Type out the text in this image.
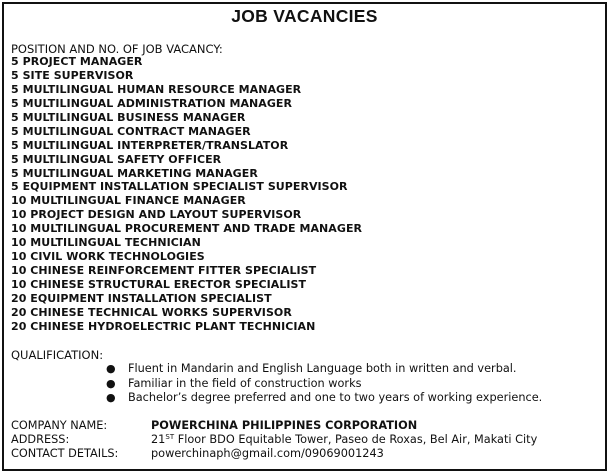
JOB VACANCIES
POSITION AND NO. OF JOB VACANCY:
5 PROJECT MANAGER
5 SITE SUPERVISOR
5 MULTILINGUAL HUMAN RESOURCE MANAGER
5 MULTILINGUAL ADMINISTRATION MANAGER
5 MULTILINGUAL BUSINESS MANAGER
5 MULTILINGUAL CONTRACT MANAGER
5 MULTILINGUAL INTERPRETER/TRANSLATOR
5 MULTILINGUAL SAFETY OFFICER
5 MULTILINGUAL MARKETING MANAGER
5 EQUIPMENT INSTALLATION SPECIALIST SUPERVISOR
10 MULTILINGUAL FINANCE MANAGER
10 PROJECT DESIGN AND LAYOUT SUPERVISOR
10 MULTILINGUAL PROCUREMENT AND TRADE MANAGER
10 MULTILINGUAL TECHNICIAN
10 CIVIL WORK TECHNOLOGIES
10 CHINESE REINFORCEMENT FITTER SPECIALIST
10 CHINESE STRUCTURAL ERECTOR SPECIALIST
20 EQUIPMENT INSTALLATION SPECIALIST
20 CHINESE TECHNICAL WORKS SUPERVISOR
20 CHINESE HYDROELECTRIC PLANT TECHNICIAN
QUALIFICATION:
● Fluent in Mandarin and English Language both in written and verbal.
● Familiar in the field of construction works
● Bachelor’s degree preferred and one to two years of working experience.
COMPANY NAME:	POWERCHINA PHILIPPINES CORPORATION
ADDRESS:	21ST Floor BDO Equitable Tower, Paseo de Roxas, Bel Air, Makati City
CONTACT DETAILS:	powerchinaph@gmail.com/09069001243
